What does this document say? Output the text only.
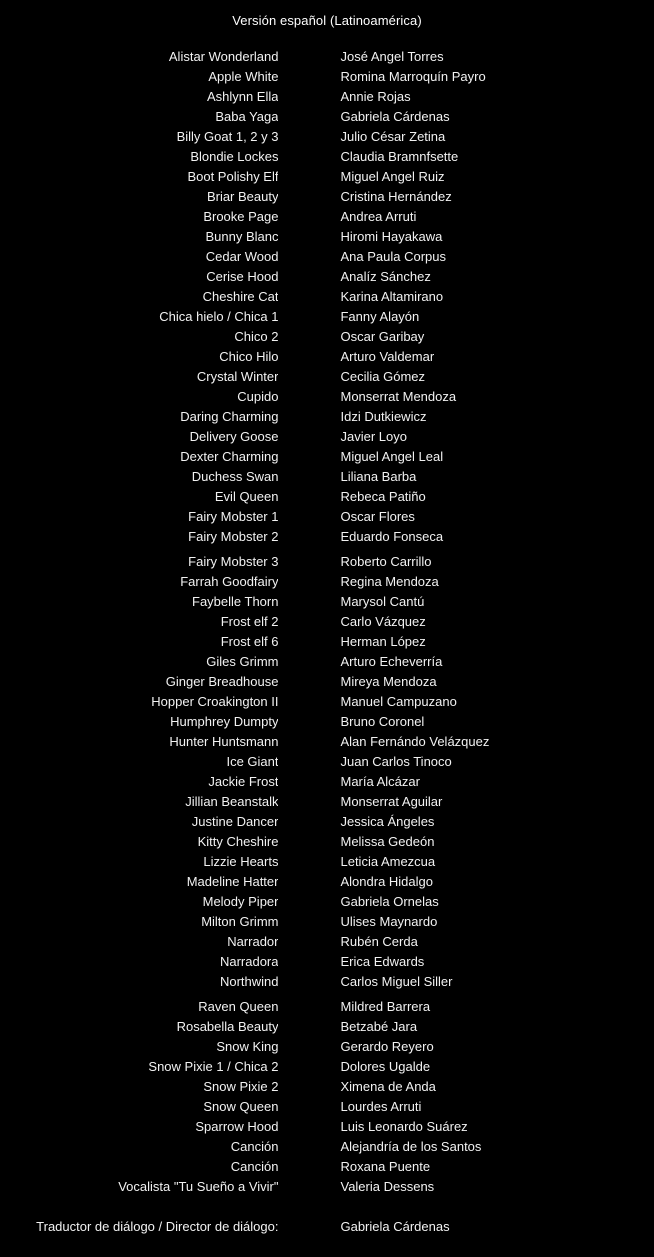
Versión español (Latinoamérica)
Alistar Wonderland	José Angel Torres
Apple White	Romina Marroquín Payro
Ashlynn Ella	Annie Rojas
Baba Yaga	Gabriela Cárdenas
Billy Goat 1, 2 y 3	Julio César Zetina
Blondie Lockes	Claudia Bramnfsette
Boot Polishy Elf	Miguel Angel Ruiz
Briar Beauty	Cristina Hernández
Brooke Page	Andrea Arruti
Bunny Blanc	Hiromi Hayakawa
Cedar Wood	Ana Paula Corpus
Cerise Hood	Analíz Sánchez
Cheshire Cat	Karina Altamirano
Chica hielo / Chica 1	Fanny Alayón
Chico 2	Oscar Garibay
Chico Hilo	Arturo Valdemar
Crystal Winter	Cecilia Gómez
Cupido	Monserrat Mendoza
Daring Charming	Idzi Dutkiewicz
Delivery Goose	Javier Loyo
Dexter Charming	Miguel Angel Leal
Duchess Swan	Liliana Barba
Evil Queen	Rebeca Patiño
Fairy Mobster 1	Oscar Flores
Fairy Mobster 2	Eduardo Fonseca
Fairy Mobster 3	Roberto Carrillo
Farrah Goodfairy	Regina Mendoza
Faybelle Thorn	Marysol Cantú
Frost elf 2	Carlo Vázquez
Frost elf 6	Herman López
Giles Grimm	Arturo Echeverría
Ginger Breadhouse	Mireya Mendoza
Hopper Croakington II	Manuel Campuzano
Humphrey Dumpty	Bruno Coronel
Hunter Huntsmann	Alan Fernándo Velázquez
Ice Giant	Juan Carlos Tinoco
Jackie Frost	María Alcázar
Jillian Beanstalk	Monserrat Aguilar
Justine Dancer	Jessica Ángeles
Kitty Cheshire	Melissa Gedeón
Lizzie Hearts	Leticia Amezcua
Madeline Hatter	Alondra Hidalgo
Melody Piper	Gabriela Ornelas
Milton Grimm	Ulises Maynardo
Narrador	Rubén Cerda
Narradora	Erica Edwards
Northwind	Carlos Miguel Siller
Raven Queen	Mildred Barrera
Rosabella Beauty	Betzabé Jara
Snow King	Gerardo Reyero
Snow Pixie 1 / Chica 2	Dolores Ugalde
Snow Pixie 2	Ximena de Anda
Snow Queen	Lourdes Arruti
Sparrow Hood	Luis Leonardo Suárez
Canción	Alejandría de los Santos
Canción	Roxana Puente
Vocalista "Tu Sueño a Vivir"	Valeria Dessens
Traductor de diálogo / Director de diálogo:	Gabriela Cárdenas
